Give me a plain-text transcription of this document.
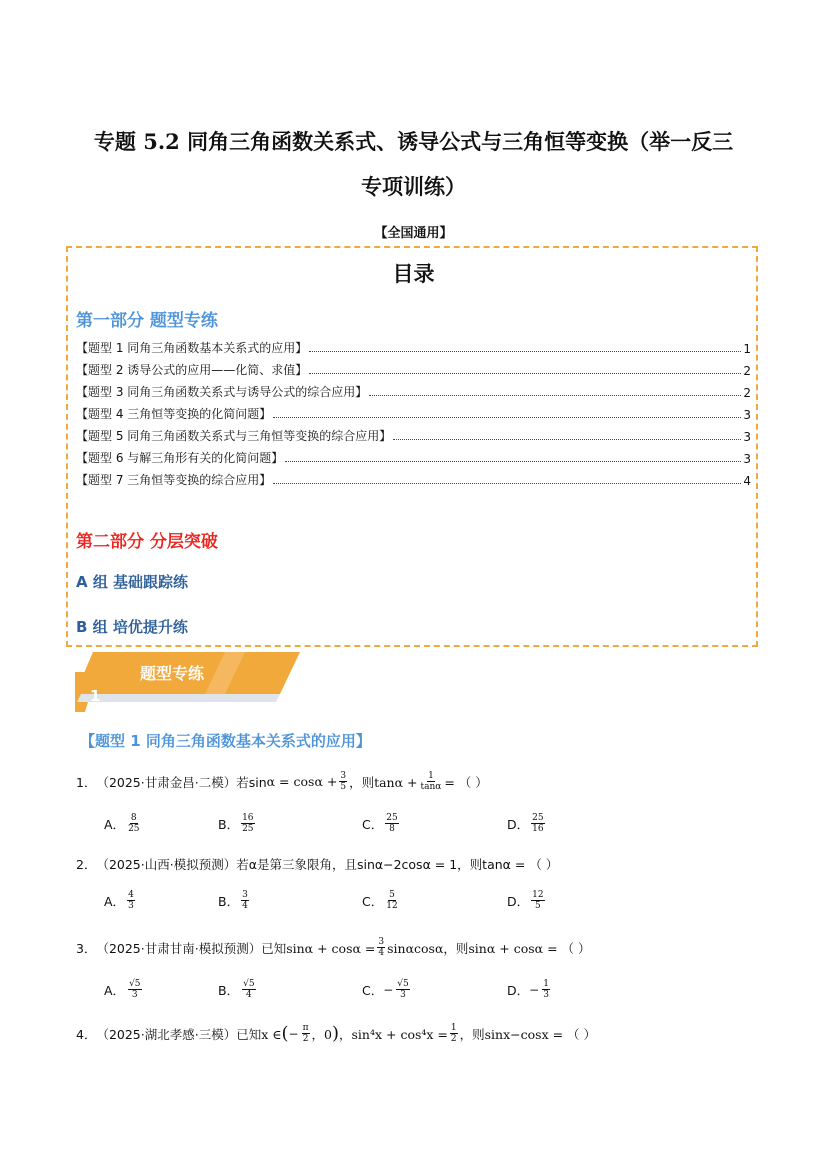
专题 5.2 同角三角函数关系式、诱导公式与三角恒等变换（举一反三
专项训练）
【全国通用】
目录
第一部分 题型专练
【题型 1 同角三角函数基本关系式的应用】	1
【题型 2 诱导公式的应用——化简、求值】	2
【题型 3 同角三角函数关系式与诱导公式的综合应用】	2
【题型 4 三角恒等变换的化简问题】	3
【题型 5 同角三角函数关系式与三角恒等变换的综合应用】	3
【题型 6 与解三角形有关的化简问题】	3
【题型 7 三角恒等变换的综合应用】	4
第二部分 分层突破
A 组 基础跟踪练
B 组 培优提升练
题型专练
1
【题型 1 同角三角函数基本关系式的应用】
1． （2025·甘肃金昌·二模） 若$\sin \alpha = \cos\alpha + \frac{3}{5}$ ，则$\tan\alpha + \frac{1}{\tan\alpha}$ = （ ）
A． $\frac{8}{25}$	B． $\frac{16}{25}$	C． $\frac{25}{8}$	D． $\frac{25}{16}$
2． （2025·山西·模拟预测） 若α是第三象限角，且sinα−2cosα = 1，则tanα = （ ）
A． $\frac{4}{3}$	B． $\frac{3}{4}$	C． $\frac{5}{12}$	D． $\frac{12}{5}$
3． （2025·甘肃甘南·模拟预测） 已知$\sin\alpha + \cos\alpha = \frac{3}{4}$ sinαcosα，则sinα + cosα = （ ）
A． $\frac{√5}{3}$	B． $\frac{√5}{4}$	C． − $\frac{√5}{3}$	D． − $\frac{1}{3}$
4． （2025·湖北孝感·三模） 已知x ∈ ( − $\frac{\pi}{2}$ ，0 ) ，$\sin^4x + \cos^4x = \frac{1}{2}$ ，则sinx−cosx = （ ）
